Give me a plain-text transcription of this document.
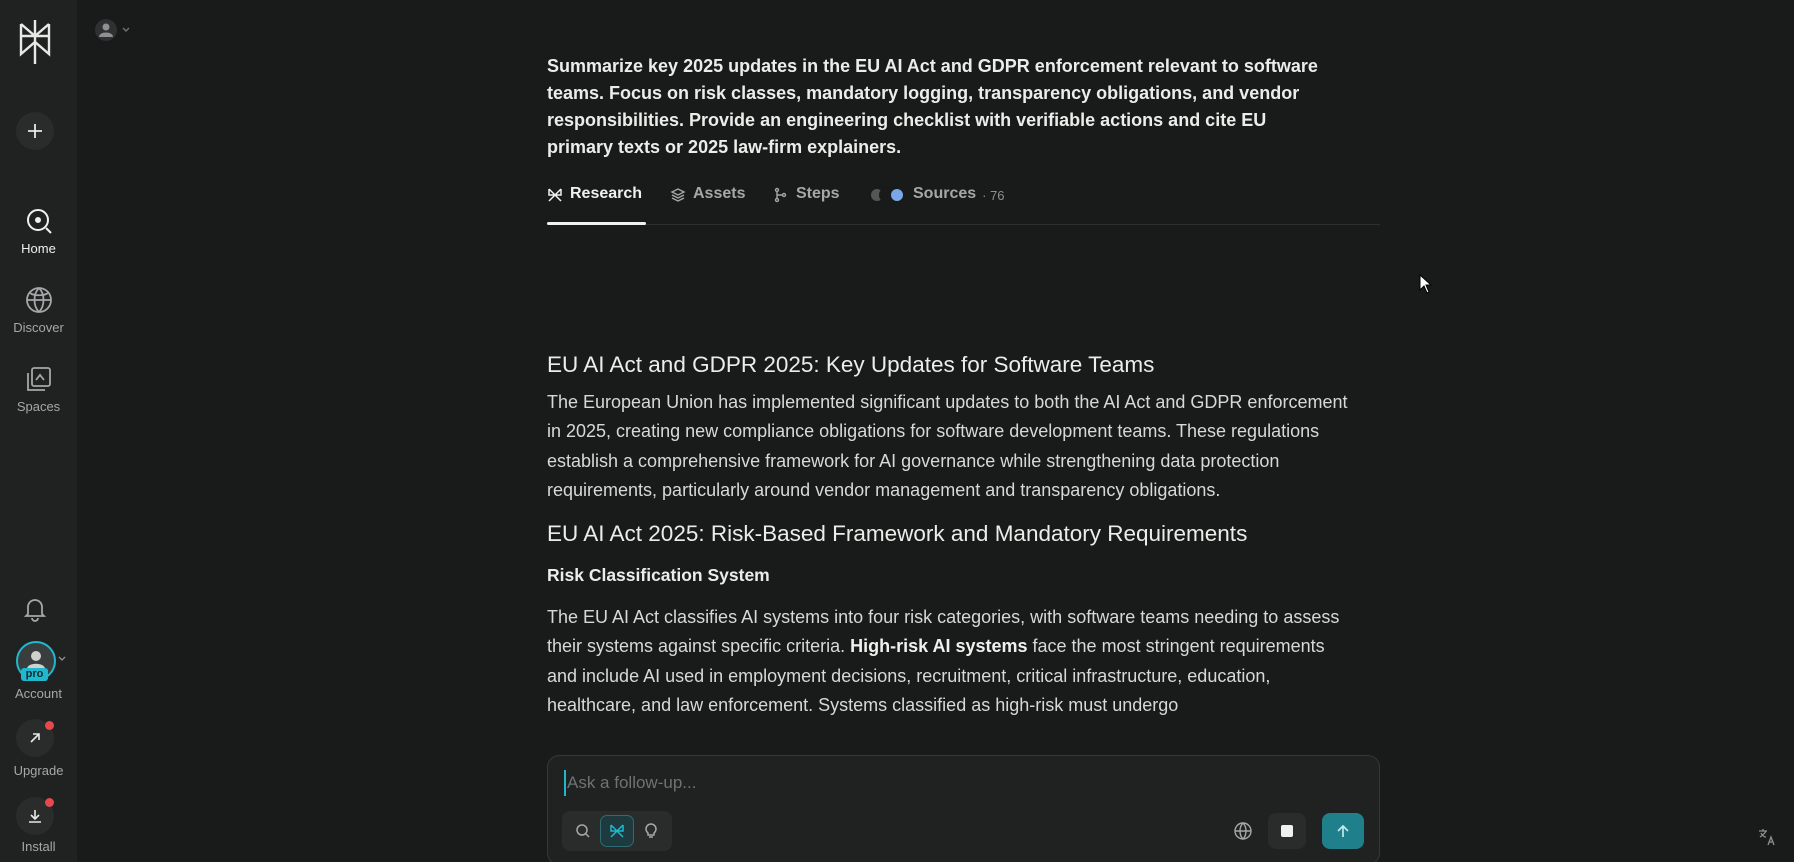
Home
Discover
Spaces
pro
Account
Upgrade
Install
Summarize key 2025 updates in the EU AI Act and GDPR enforcement relevant to software teams. Focus on risk classes, mandatory logging, transparency obligations, and vendor responsibilities. Provide an engineering checklist with verifiable actions and cite EU primary texts or 2025 law-firm explainers.
Research	Assets	Steps	Sources · 76
EU AI Act and GDPR 2025: Key Updates for Software Teams
The European Union has implemented significant updates to both the AI Act and GDPR enforcement in 2025, creating new compliance obligations for software development teams. These regulations establish a comprehensive framework for AI governance while strengthening data protection requirements, particularly around vendor management and transparency obligations.
EU AI Act 2025: Risk-Based Framework and Mandatory Requirements
Risk Classification System
The EU AI Act classifies AI systems into four risk categories, with software teams needing to assess their systems against specific criteria. High-risk AI systems face the most stringent requirements and include AI used in employment decisions, recruitment, critical infrastructure, education, healthcare, and law enforcement. Systems classified as high-risk must undergo
Ask a follow-up...
